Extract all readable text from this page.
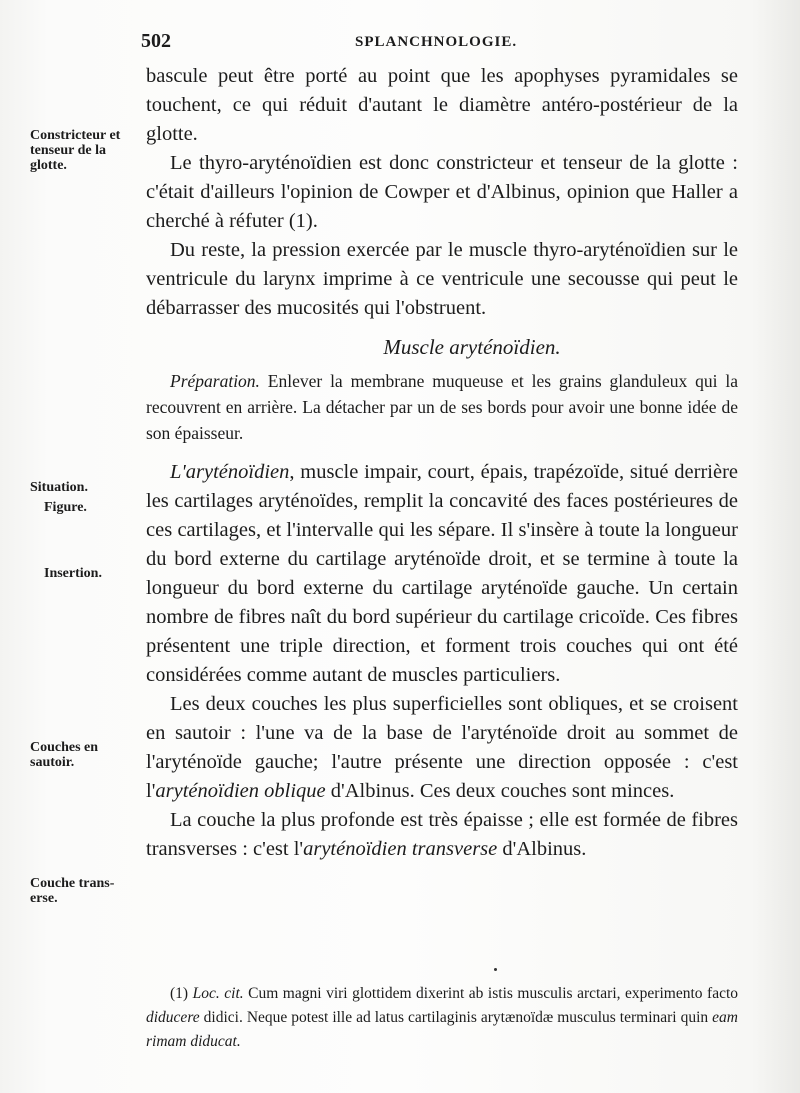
502	SPLANCHNOLOGIE.
Constricteur et tenseur de la glotte.
Situation.
Figure.
Insertion.
Couches en sautoir.
Couche trans-erse.

bascule peut être porté au point que les apophyses pyramidales se touchent, ce qui réduit d'autant le diamètre antéro-postérieur de la glotte.

Le thyro-aryténoïdien est donc constricteur et tenseur de la glotte : c'était d'ailleurs l'opinion de Cowper et d'Albinus, opinion que Haller a cherché à réfuter (1).

Du reste, la pression exercée par le muscle thyro-aryténoïdien sur le ventricule du larynx imprime à ce ventricule une secousse qui peut le débarrasser des mucosités qui l'obstruent.

Muscle aryténoïdien.

Préparation. Enlever la membrane muqueuse et les grains glanduleux qui la recouvrent en arrière. La détacher par un de ses bords pour avoir une bonne idée de son épaisseur.

L'aryténoïdien, muscle impair, court, épais, trapézoïde, situé derrière les cartilages aryténoïdes, remplit la concavité des faces postérieures de ces cartilages, et l'intervalle qui les sépare. Il s'insère à toute la longueur du bord externe du cartilage aryténoïde droit, et se termine à toute la longueur du bord externe du cartilage aryténoïde gauche. Un certain nombre de fibres naît du bord supérieur du cartilage cricoïde. Ces fibres présentent une triple direction, et forment trois couches qui ont été considérées comme autant de muscles particuliers.

Les deux couches les plus superficielles sont obliques, et se croisent en sautoir : l'une va de la base de l'aryténoïde droit au sommet de l'aryténoïde gauche; l'autre présente une direction opposée : c'est l'aryténoïdien oblique d'Albinus. Ces deux couches sont minces.

La couche la plus profonde est très épaisse ; elle est formée de fibres transverses : c'est l'aryténoïdien transverse d'Albinus.

(1) Loc. cit. Cum magni viri glottidem dixerint ab istis musculis arctari, experimento facto diducere didici. Neque potest ille ad latus cartilaginis arytænoïdæ musculus terminari quin eam rimam diducat.
